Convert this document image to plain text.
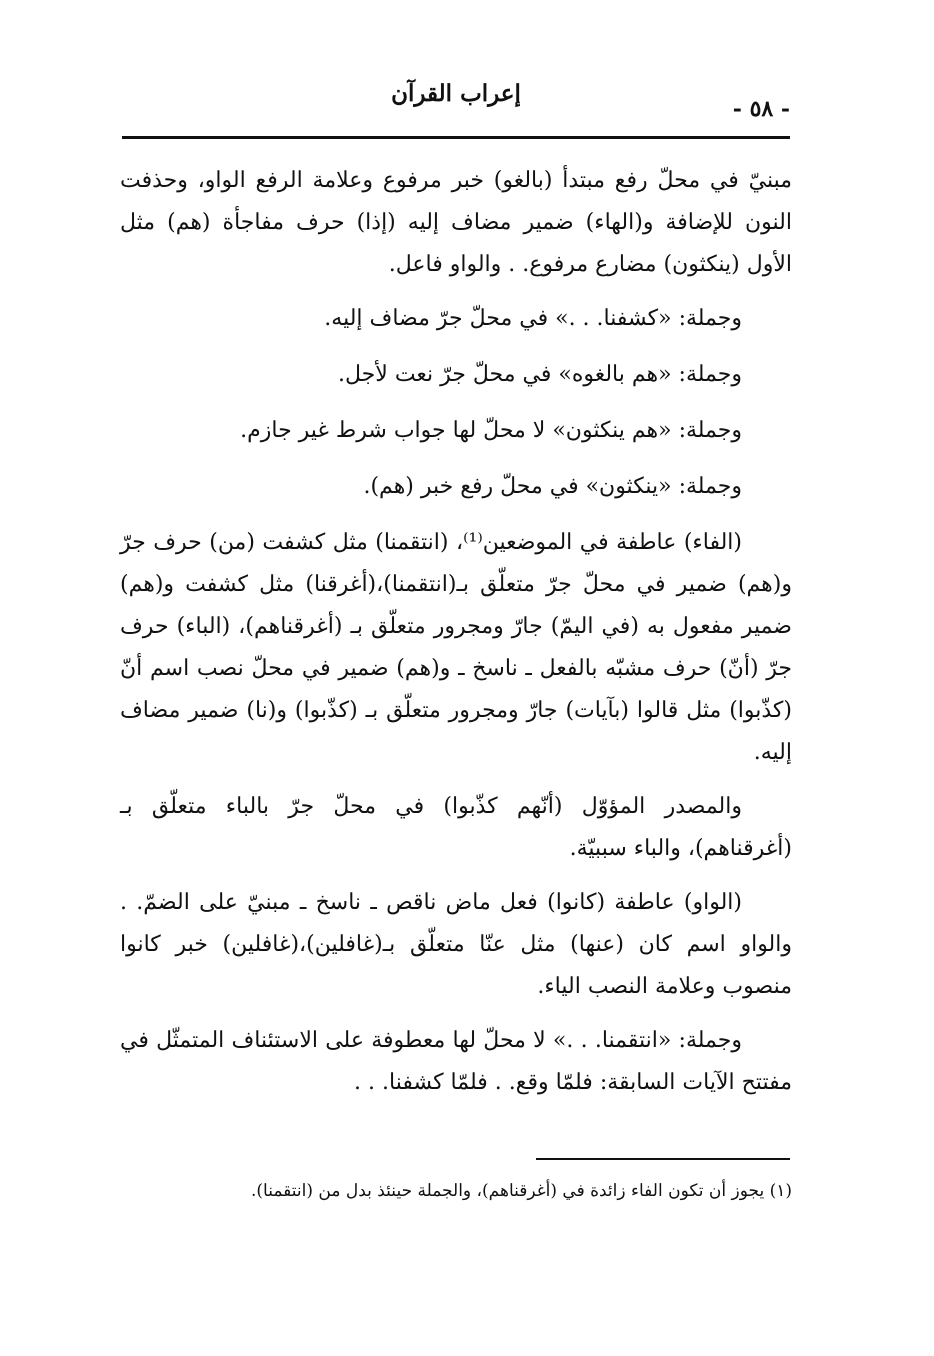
إعراب القرآن
- ٥٨ -

مبنيّ في محلّ رفع مبتدأ (بالغو) خبر مرفوع وعلامة الرفع الواو، وحذفت النون للإضافة و(الهاء) ضمير مضاف إليه (إذا) حرف مفاجأة (هم) مثل الأول (ينكثون) مضارع مرفوع. . والواو فاعل.

وجملة: «كشفنا. . .» في محلّ جرّ مضاف إليه.

وجملة: «هم بالغوه» في محلّ جرّ نعت لأجل.

وجملة: «هم ينكثون» لا محلّ لها جواب شرط غير جازم.

وجملة: «ينكثون» في محلّ رفع خبر (هم).

(الفاء) عاطفة في الموضعين⁽¹⁾، (انتقمنا) مثل كشفت (من) حرف جرّ و(هم) ضمير في محلّ جرّ متعلّق بـ(انتقمنا)،(أغرقنا) مثل كشفت و(هم) ضمير مفعول به (في اليمّ) جارّ ومجرور متعلّق بـ (أغرقناهم)، (الباء) حرف جرّ (أنّ) حرف مشبّه بالفعل ـ ناسخ ـ و(هم) ضمير في محلّ نصب اسم أنّ (كذّبوا) مثل قالوا (بآيات) جارّ ومجرور متعلّق بـ (كذّبوا) و(نا) ضمير مضاف إليه.

والمصدر المؤوّل (أنّهم كذّبوا) في محلّ جرّ بالباء متعلّق بـ (أغرقناهم)، والباء سببيّة.

(الواو) عاطفة (كانوا) فعل ماض ناقص ـ ناسخ ـ مبنيّ على الضمّ. . والواو اسم كان (عنها) مثل عنّا متعلّق بـ(غافلين)،(غافلين) خبر كانوا منصوب وعلامة النصب الياء.

وجملة: «انتقمنا. . .» لا محلّ لها معطوفة على الاستئناف المتمثّل في مفتتح الآيات السابقة: فلمّا وقع. . فلمّا كشفنا. . .

(١) يجوز أن تكون الفاء زائدة في (أغرقناهم)، والجملة حينئذ بدل من (انتقمنا).
